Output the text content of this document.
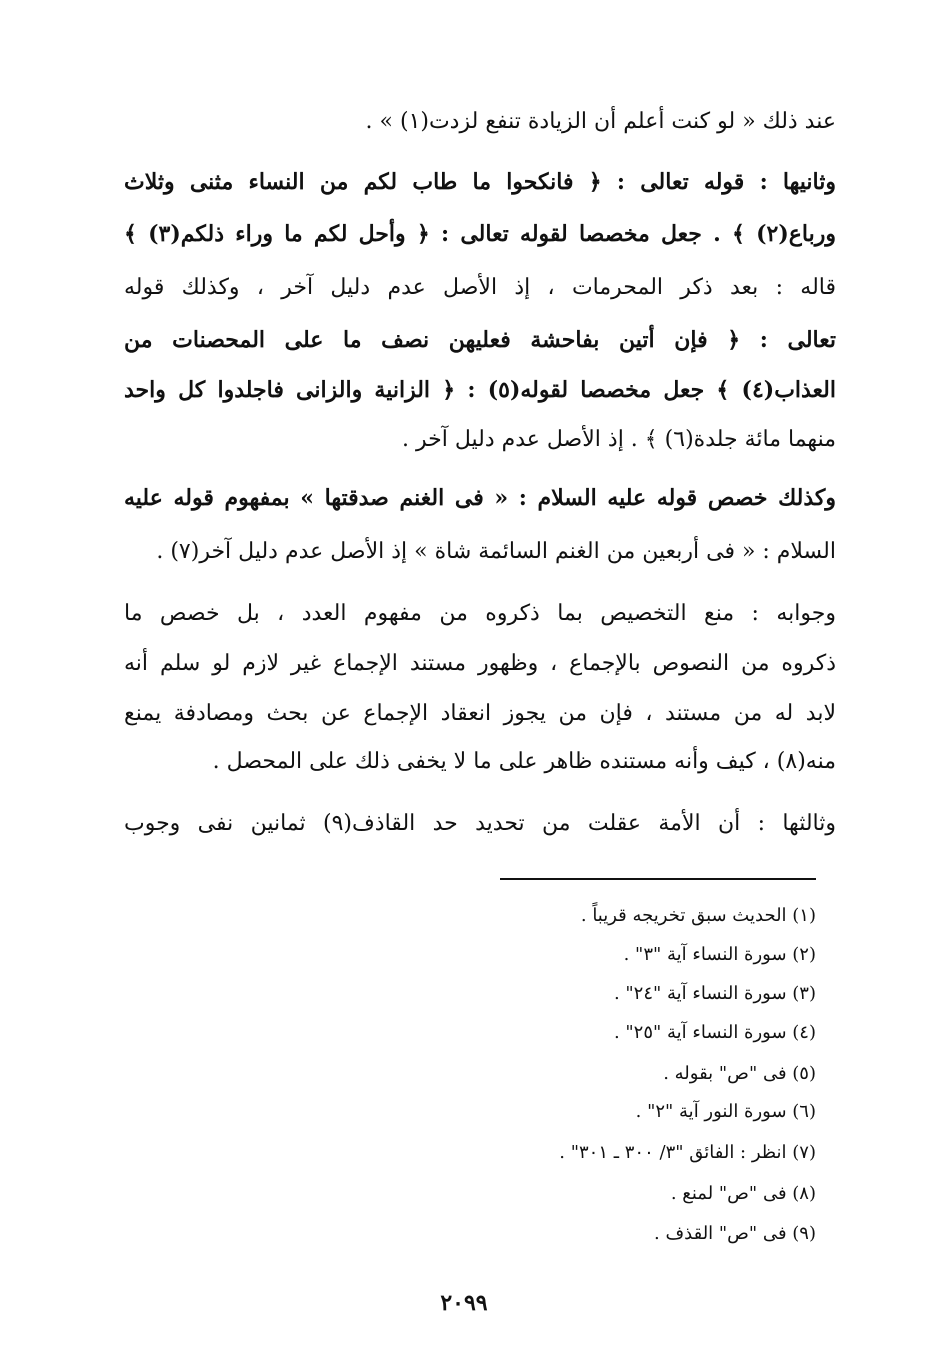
عند ذلك « لو كنت أعلم أن الزيادة تنفع لزدت(١) » .
وثانيها : قوله تعالى : ﴿ فانكحوا ما طاب لكم من النساء مثنى وثلاث
ورباع(٢) ﴾ . جعل مخصصا لقوله تعالى : ﴿ وأحل لكم ما وراء ذلكم(٣) ﴾
قاله : بعد ذكر المحرمات ، إذ الأصل عدم دليل آخر ، وكذلك قوله
تعالى : ﴿ فإن أتين بفاحشة فعليهن نصف ما على المحصنات من
العذاب(٤) ﴾ جعل مخصصا لقوله(٥) : ﴿ الزانية والزانى فاجلدوا كل واحد
منهما مائة جلدة(٦) ﴾ . إذ الأصل عدم دليل آخر .
وكذلك خصص قوله عليه السلام : « فى الغنم صدقتها » بمفهوم قوله عليه
السلام : « فى أربعين من الغنم السائمة شاة » إذ الأصل عدم دليل آخر(٧) .
وجوابه : منع التخصيص بما ذكروه من مفهوم العدد ، بل خصص ما
ذكروه من النصوص بالإجماع ، وظهور مستند الإجماع غير لازم لو سلم أنه
لابد له من مستند ، فإن من يجوز انعقاد الإجماع عن بحث ومصادفة يمنع
منه(٨) ، كيف وأنه مستنده ظاهر على ما لا يخفى ذلك على المحصل .
وثالثها : أن الأمة عقلت من تحديد حد القاذف(٩) ثمانين نفى وجوب
(١) الحديث سبق تخريجه قريباً .
(٢) سورة النساء آية "٣" .
(٣) سورة النساء آية "٢٤" .
(٤) سورة النساء آية "٢٥" .
(٥) فى "ص" بقوله .
(٦) سورة النور آية "٢" .
(٧) انظر : الفائق "٣/ ٣٠٠ ـ ٣٠١" .
(٨) فى "ص" لمنع .
(٩) فى "ص" القذف .
٢٠٩٩
